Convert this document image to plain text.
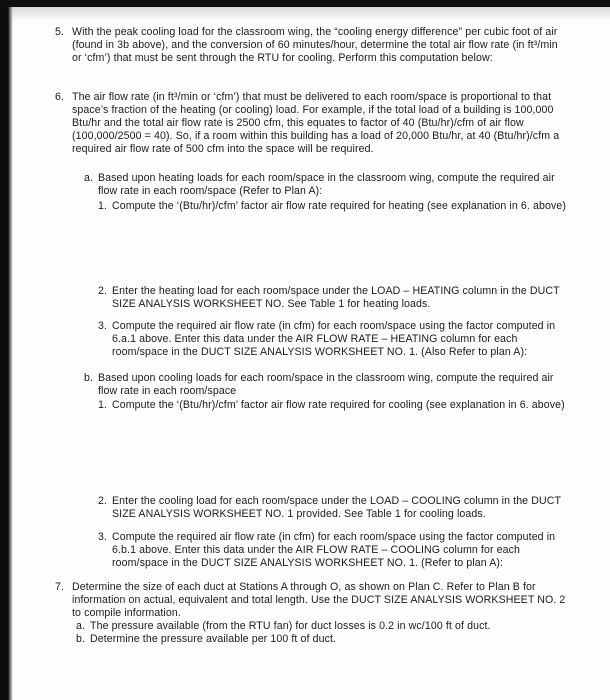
5. With the peak cooling load for the classroom wing, the “cooling energy difference” per cubic foot of air (found in 3b above), and the conversion of 60 minutes/hour, determine the total air flow rate (in ft³/min or ‘cfm’) that must be sent through the RTU for cooling. Perform this computation below:
6. The air flow rate (in ft³/min or ‘cfm’) that must be delivered to each room/space is proportional to that space’s fraction of the heating (or cooling) load. For example, if the total load of a building is 100,000 Btu/hr and the total air flow rate is 2500 cfm, this equates to factor of 40 (Btu/hr)/cfm of air flow (100,000/2500 = 40). So, if a room within this building has a load of 20,000 Btu/hr, at 40 (Btu/hr)/cfm a required air flow rate of 500 cfm into the space will be required.
a. Based upon heating loads for each room/space in the classroom wing, compute the required air flow rate in each room/space (Refer to Plan A):
1. Compute the ‘(Btu/hr)/cfm’ factor air flow rate required for heating (see explanation in 6. above)
2. Enter the heating load for each room/space under the LOAD – HEATING column in the DUCT SIZE ANALYSIS WORKSHEET NO. See Table 1 for heating loads.
3. Compute the required air flow rate (in cfm) for each room/space using the factor computed in 6.a.1 above. Enter this data under the AIR FLOW RATE – HEATING column for each room/space in the DUCT SIZE ANALYSIS WORKSHEET NO. 1. (Also Refer to plan A):
b. Based upon cooling loads for each room/space in the classroom wing, compute the required air flow rate in each room/space
1. Compute the ‘(Btu/hr)/cfm’ factor air flow rate required for cooling (see explanation in 6. above)
2. Enter the cooling load for each room/space under the LOAD – COOLING column in the DUCT SIZE ANALYSIS WORKSHEET NO. 1 provided. See Table 1 for cooling loads.
3. Compute the required air flow rate (in cfm) for each room/space using the factor computed in 6.b.1 above. Enter this data under the AIR FLOW RATE – COOLING column for each room/space in the DUCT SIZE ANALYSIS WORKSHEET NO. 1. (Refer to plan A):
7. Determine the size of each duct at Stations A through O, as shown on Plan C. Refer to Plan B for information on actual, equivalent and total length. Use the DUCT SIZE ANALYSIS WORKSHEET NO. 2 to compile information.
a. The pressure available (from the RTU fan) for duct losses is 0.2 in wc/100 ft of duct.
b. Determine the pressure available per 100 ft of duct.
